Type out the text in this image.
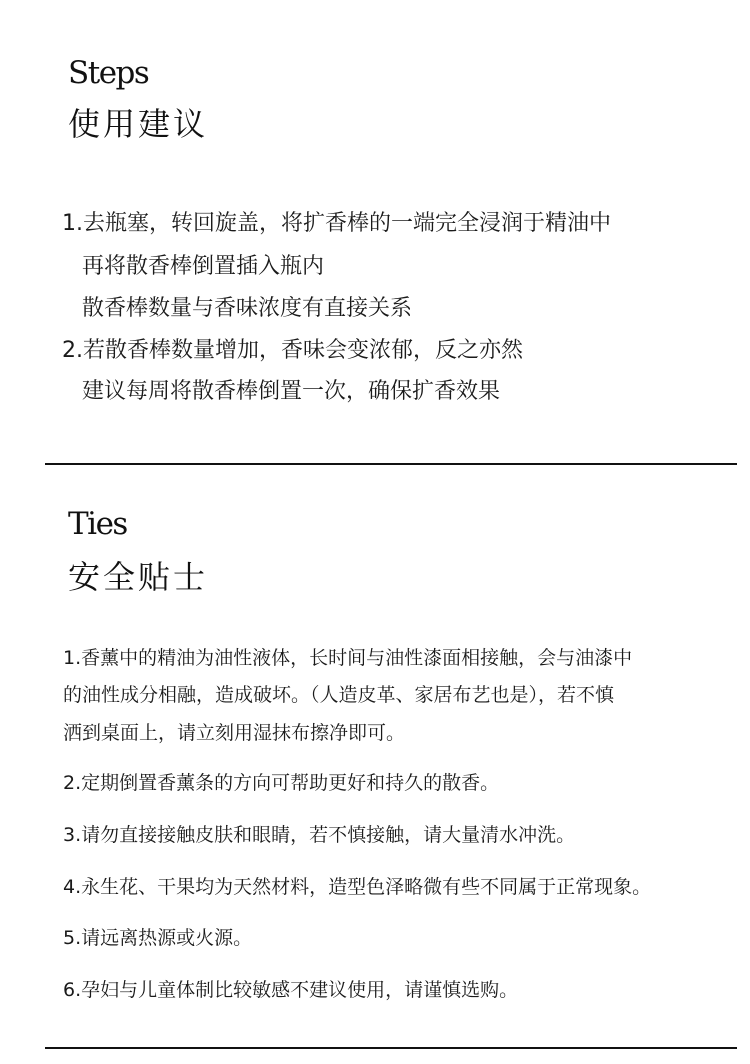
Steps
使用建议
1.去瓶塞，转回旋盖，将扩香棒的一端完全浸润于精油中
再将散香棒倒置插入瓶内
散香棒数量与香味浓度有直接关系
2.若散香棒数量增加，香味会变浓郁，反之亦然
建议每周将散香棒倒置一次，确保扩香效果
Ties
安全贴士
1.香薰中的精油为油性液体，长时间与油性漆面相接触，会与油漆中
的油性成分相融，造成破坏。（人造皮革、家居布艺也是），若不慎
洒到桌面上，请立刻用湿抹布擦净即可。
2.定期倒置香薰条的方向可帮助更好和持久的散香。
3.请勿直接接触皮肤和眼睛，若不慎接触，请大量清水冲洗。
4.永生花、干果均为天然材料，造型色泽略微有些不同属于正常现象。
5.请远离热源或火源。
6.孕妇与儿童体制比较敏感不建议使用，请谨慎选购。
